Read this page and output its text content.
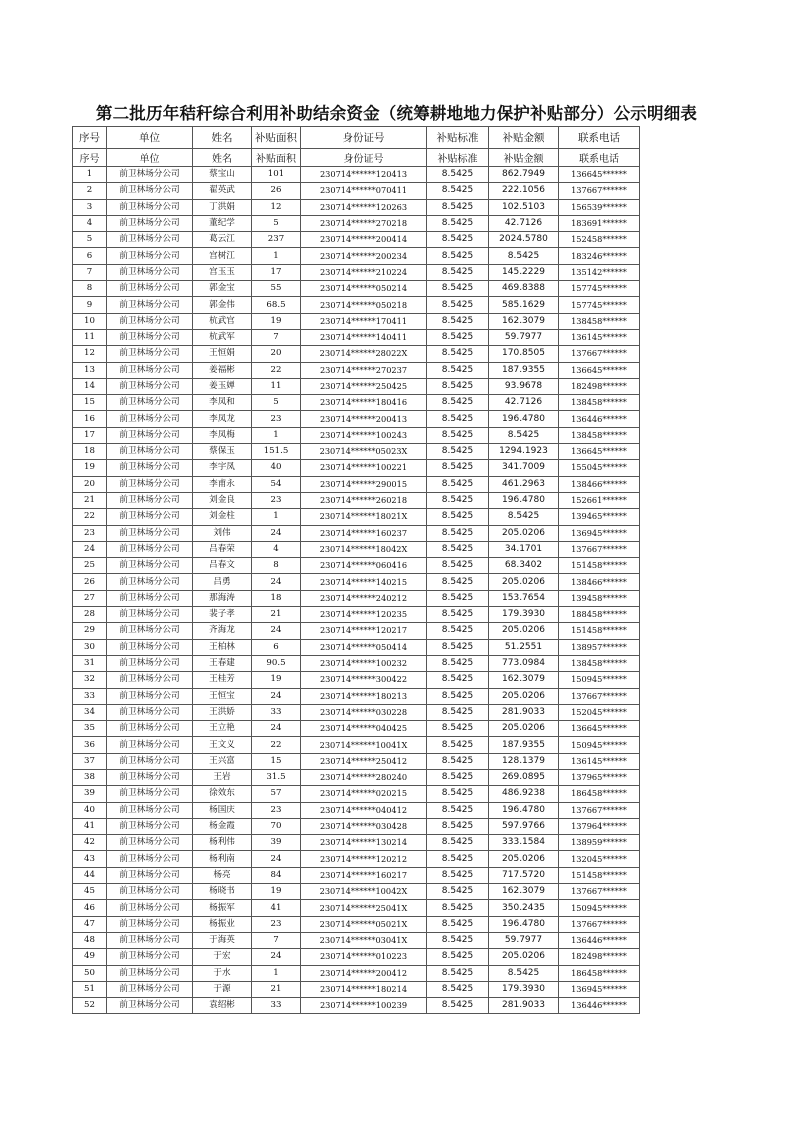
第二批历年秸秆综合利用补助结余资金（统筹耕地地力保护补贴部分）公示明细表
序号	单位	姓名	补贴面积	身份证号	补贴标准	补贴金额	联系电话
序号	单位	姓名	补贴面积	身份证号	补贴标准	补贴金额	联系电话
1	前卫林场分公司	蔡宝山	101	230714******120413	8.5425	862.7949	136645******
2	前卫林场分公司	翟英武	26	230714******070411	8.5425	222.1056	137667******
3	前卫林场分公司	丁洪娟	12	230714******120263	8.5425	102.5103	156539******
4	前卫林场分公司	董纪学	5	230714******270218	8.5425	42.7126	183691******
5	前卫林场分公司	葛云江	237	230714******200414	8.5425	2024.5780	152458******
6	前卫林场分公司	宫树江	1	230714******200234	8.5425	8.5425	183246******
7	前卫林场分公司	宫玉玉	17	230714******210224	8.5425	145.2229	135142******
8	前卫林场分公司	郭金宝	55	230714******050214	8.5425	469.8388	157745******
9	前卫林场分公司	郭金伟	68.5	230714******050218	8.5425	585.1629	157745******
10	前卫林场分公司	杭武官	19	230714******170411	8.5425	162.3079	138458******
11	前卫林场分公司	杭武军	7	230714******140411	8.5425	59.7977	136145******
12	前卫林场分公司	王恒娟	20	230714******28022X	8.5425	170.8505	137667******
13	前卫林场分公司	姜福彬	22	230714******270237	8.5425	187.9355	136645******
14	前卫林场分公司	姜玉婵	11	230714******250425	8.5425	93.9678	182498******
15	前卫林场分公司	李凤和	5	230714******180416	8.5425	42.7126	138458******
16	前卫林场分公司	李凤龙	23	230714******200413	8.5425	196.4780	136446******
17	前卫林场分公司	李凤梅	1	230714******100243	8.5425	8.5425	138458******
18	前卫林场分公司	蔡保玉	151.5	230714******05023X	8.5425	1294.1923	136645******
19	前卫林场分公司	李宇凤	40	230714******100221	8.5425	341.7009	155045******
20	前卫林场分公司	李甫永	54	230714******290015	8.5425	461.2963	138466******
21	前卫林场分公司	刘金良	23	230714******260218	8.5425	196.4780	152661******
22	前卫林场分公司	刘金柱	1	230714******18021X	8.5425	8.5425	139465******
23	前卫林场分公司	刘伟	24	230714******160237	8.5425	205.0206	136945******
24	前卫林场分公司	吕春荣	4	230714******18042X	8.5425	34.1701	137667******
25	前卫林场分公司	吕春文	8	230714******060416	8.5425	68.3402	151458******
26	前卫林场分公司	吕勇	24	230714******140215	8.5425	205.0206	138466******
27	前卫林场分公司	那海涛	18	230714******240212	8.5425	153.7654	139458******
28	前卫林场分公司	裴子孝	21	230714******120235	8.5425	179.3930	188458******
29	前卫林场分公司	齐海龙	24	230714******120217	8.5425	205.0206	151458******
30	前卫林场分公司	王柏林	6	230714******050414	8.5425	51.2551	138957******
31	前卫林场分公司	王春建	90.5	230714******100232	8.5425	773.0984	138458******
32	前卫林场分公司	王桂芳	19	230714******300422	8.5425	162.3079	150945******
33	前卫林场分公司	王恒宝	24	230714******180213	8.5425	205.0206	137667******
34	前卫林场分公司	王洪娇	33	230714******030228	8.5425	281.9033	152045******
35	前卫林场分公司	王立艳	24	230714******040425	8.5425	205.0206	136645******
36	前卫林场分公司	王文义	22	230714******10041X	8.5425	187.9355	150945******
37	前卫林场分公司	王兴富	15	230714******250412	8.5425	128.1379	136145******
38	前卫林场分公司	王岩	31.5	230714******280240	8.5425	269.0895	137965******
39	前卫林场分公司	徐效东	57	230714******020215	8.5425	486.9238	186458******
40	前卫林场分公司	杨国庆	23	230714******040412	8.5425	196.4780	137667******
41	前卫林场分公司	杨金霞	70	230714******030428	8.5425	597.9766	137964******
42	前卫林场分公司	杨利伟	39	230714******130214	8.5425	333.1584	138959******
43	前卫林场分公司	杨利南	24	230714******120212	8.5425	205.0206	132045******
44	前卫林场分公司	杨亮	84	230714******160217	8.5425	717.5720	151458******
45	前卫林场分公司	杨晓书	19	230714******10042X	8.5425	162.3079	137667******
46	前卫林场分公司	杨振军	41	230714******25041X	8.5425	350.2435	150945******
47	前卫林场分公司	杨振业	23	230714******05021X	8.5425	196.4780	137667******
48	前卫林场分公司	于海英	7	230714******03041X	8.5425	59.7977	136446******
49	前卫林场分公司	于宏	24	230714******010223	8.5425	205.0206	182498******
50	前卫林场分公司	于水	1	230714******200412	8.5425	8.5425	186458******
51	前卫林场分公司	于源	21	230714******180214	8.5425	179.3930	136945******
52	前卫林场分公司	袁绍彬	33	230714******100239	8.5425	281.9033	136446******
